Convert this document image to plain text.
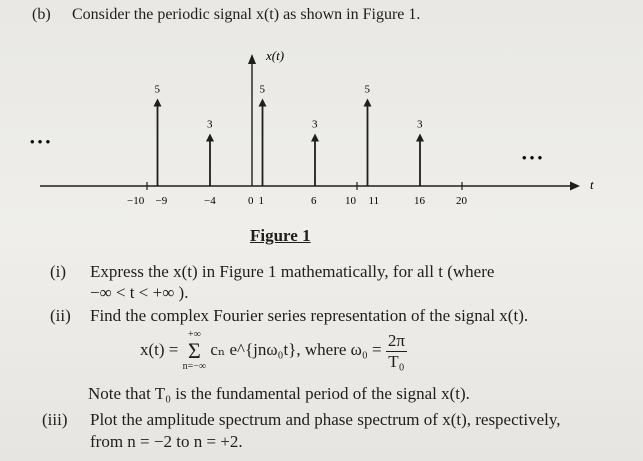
(b) Consider the periodic signal x(t) as shown in Figure 1.
t
x(t)
• • •
• • •
5
3
5
3
5
3
−10 −9	−4	0 1	6	10 11	16	20
Figure 1
(i) Express the x(t) in Figure 1 mathematically, for all t (where
−∞ < t < +∞ ).
(ii) Find the complex Fourier series representation of the signal x(t).
x(t) =
+∞
Σ
n=−∞
cₙ e^{jnω₀t}, where $\omega_0 = \frac{2\pi}{\text{T₀}}$
Note that T₀ is the fundamental period of the signal x(t).
(iii) Plot the amplitude spectrum and phase spectrum of x(t), respectively,
from n = −2 to n = +2.
